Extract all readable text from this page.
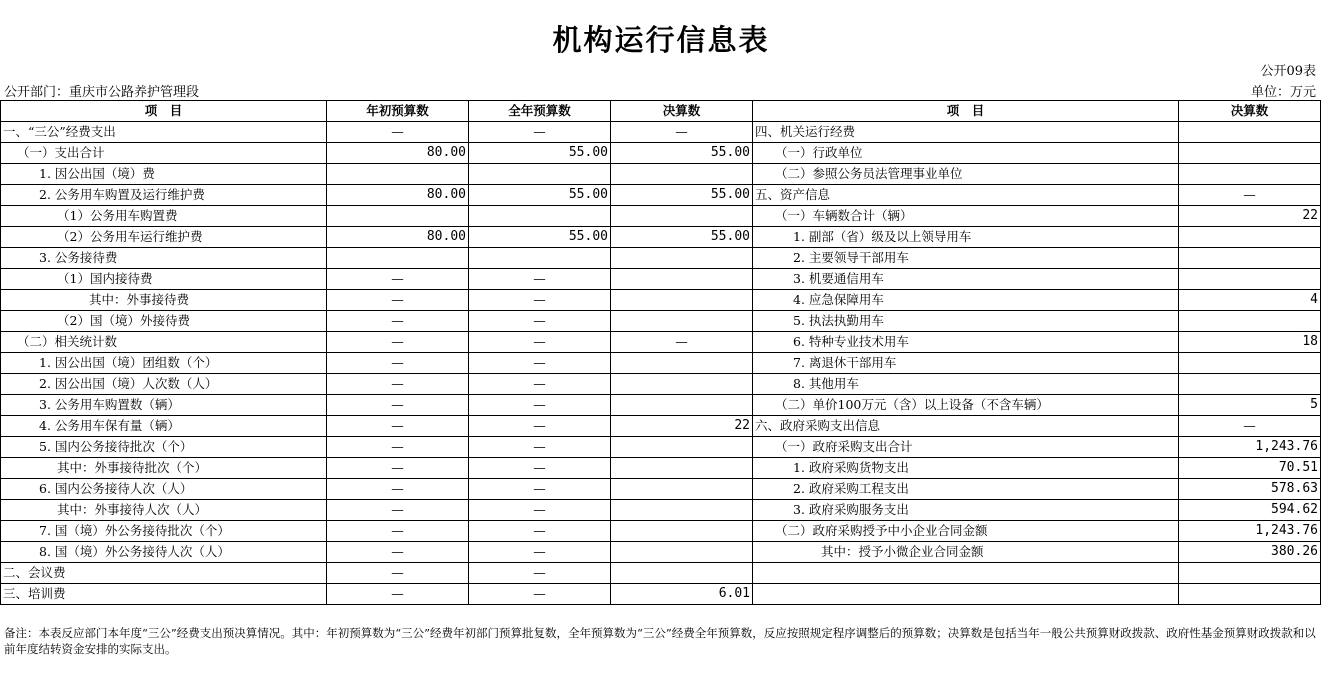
机构运行信息表
公开09表
公开部门：重庆市公路养护管理段	单位：万元
项　目	年初预算数	全年预算数	决算数	项　目	决算数
一、“三公”经费支出	—	—	—	四、机关运行经费	
（一）支出合计	80.00	55.00	55.00	（一）行政单位	
1. 因公出国（境）费				（二）参照公务员法管理事业单位	
2. 公务用车购置及运行维护费	80.00	55.00	55.00	五、资产信息	—
（1）公务用车购置费				（一）车辆数合计（辆）	22
（2）公务用车运行维护费	80.00	55.00	55.00	1. 副部（省）级及以上领导用车	
3. 公务接待费				2. 主要领导干部用车	
（1）国内接待费	—	—		3. 机要通信用车	
其中：外事接待费	—	—		4. 应急保障用车	4
（2）国（境）外接待费	—	—		5. 执法执勤用车	
（二）相关统计数	—	—	—	6. 特种专业技术用车	18
1. 因公出国（境）团组数（个）	—	—		7. 离退休干部用车	
2. 因公出国（境）人次数（人）	—	—		8. 其他用车	
3. 公务用车购置数（辆）	—	—		（二）单价100万元（含）以上设备（不含车辆）	5
4. 公务用车保有量（辆）	—	—	22	六、政府采购支出信息	—
5. 国内公务接待批次（个）	—	—		（一）政府采购支出合计	1,243.76
其中：外事接待批次（个）	—	—		1. 政府采购货物支出	70.51
6. 国内公务接待人次（人）	—	—		2. 政府采购工程支出	578.63
其中：外事接待人次（人）	—	—		3. 政府采购服务支出	594.62
7. 国（境）外公务接待批次（个）	—	—		（二）政府采购授予中小企业合同金额	1,243.76
8. 国（境）外公务接待人次（人）	—	—		其中：授予小微企业合同金额	380.26
二、会议费	—	—			
三、培训费	—	—	6.01		
备注：本表反应部门本年度“三公”经费支出预决算情况。其中：年初预算数为“三公”经费年初部门预算批复数，全年预算数为“三公”经费全年预算数，反应按照规定程序调整后的预算数；决算数是包括当年一般公共预算财政拨款、政府性基金预算财政拨款和以前年度结转资金安排的实际支出。
